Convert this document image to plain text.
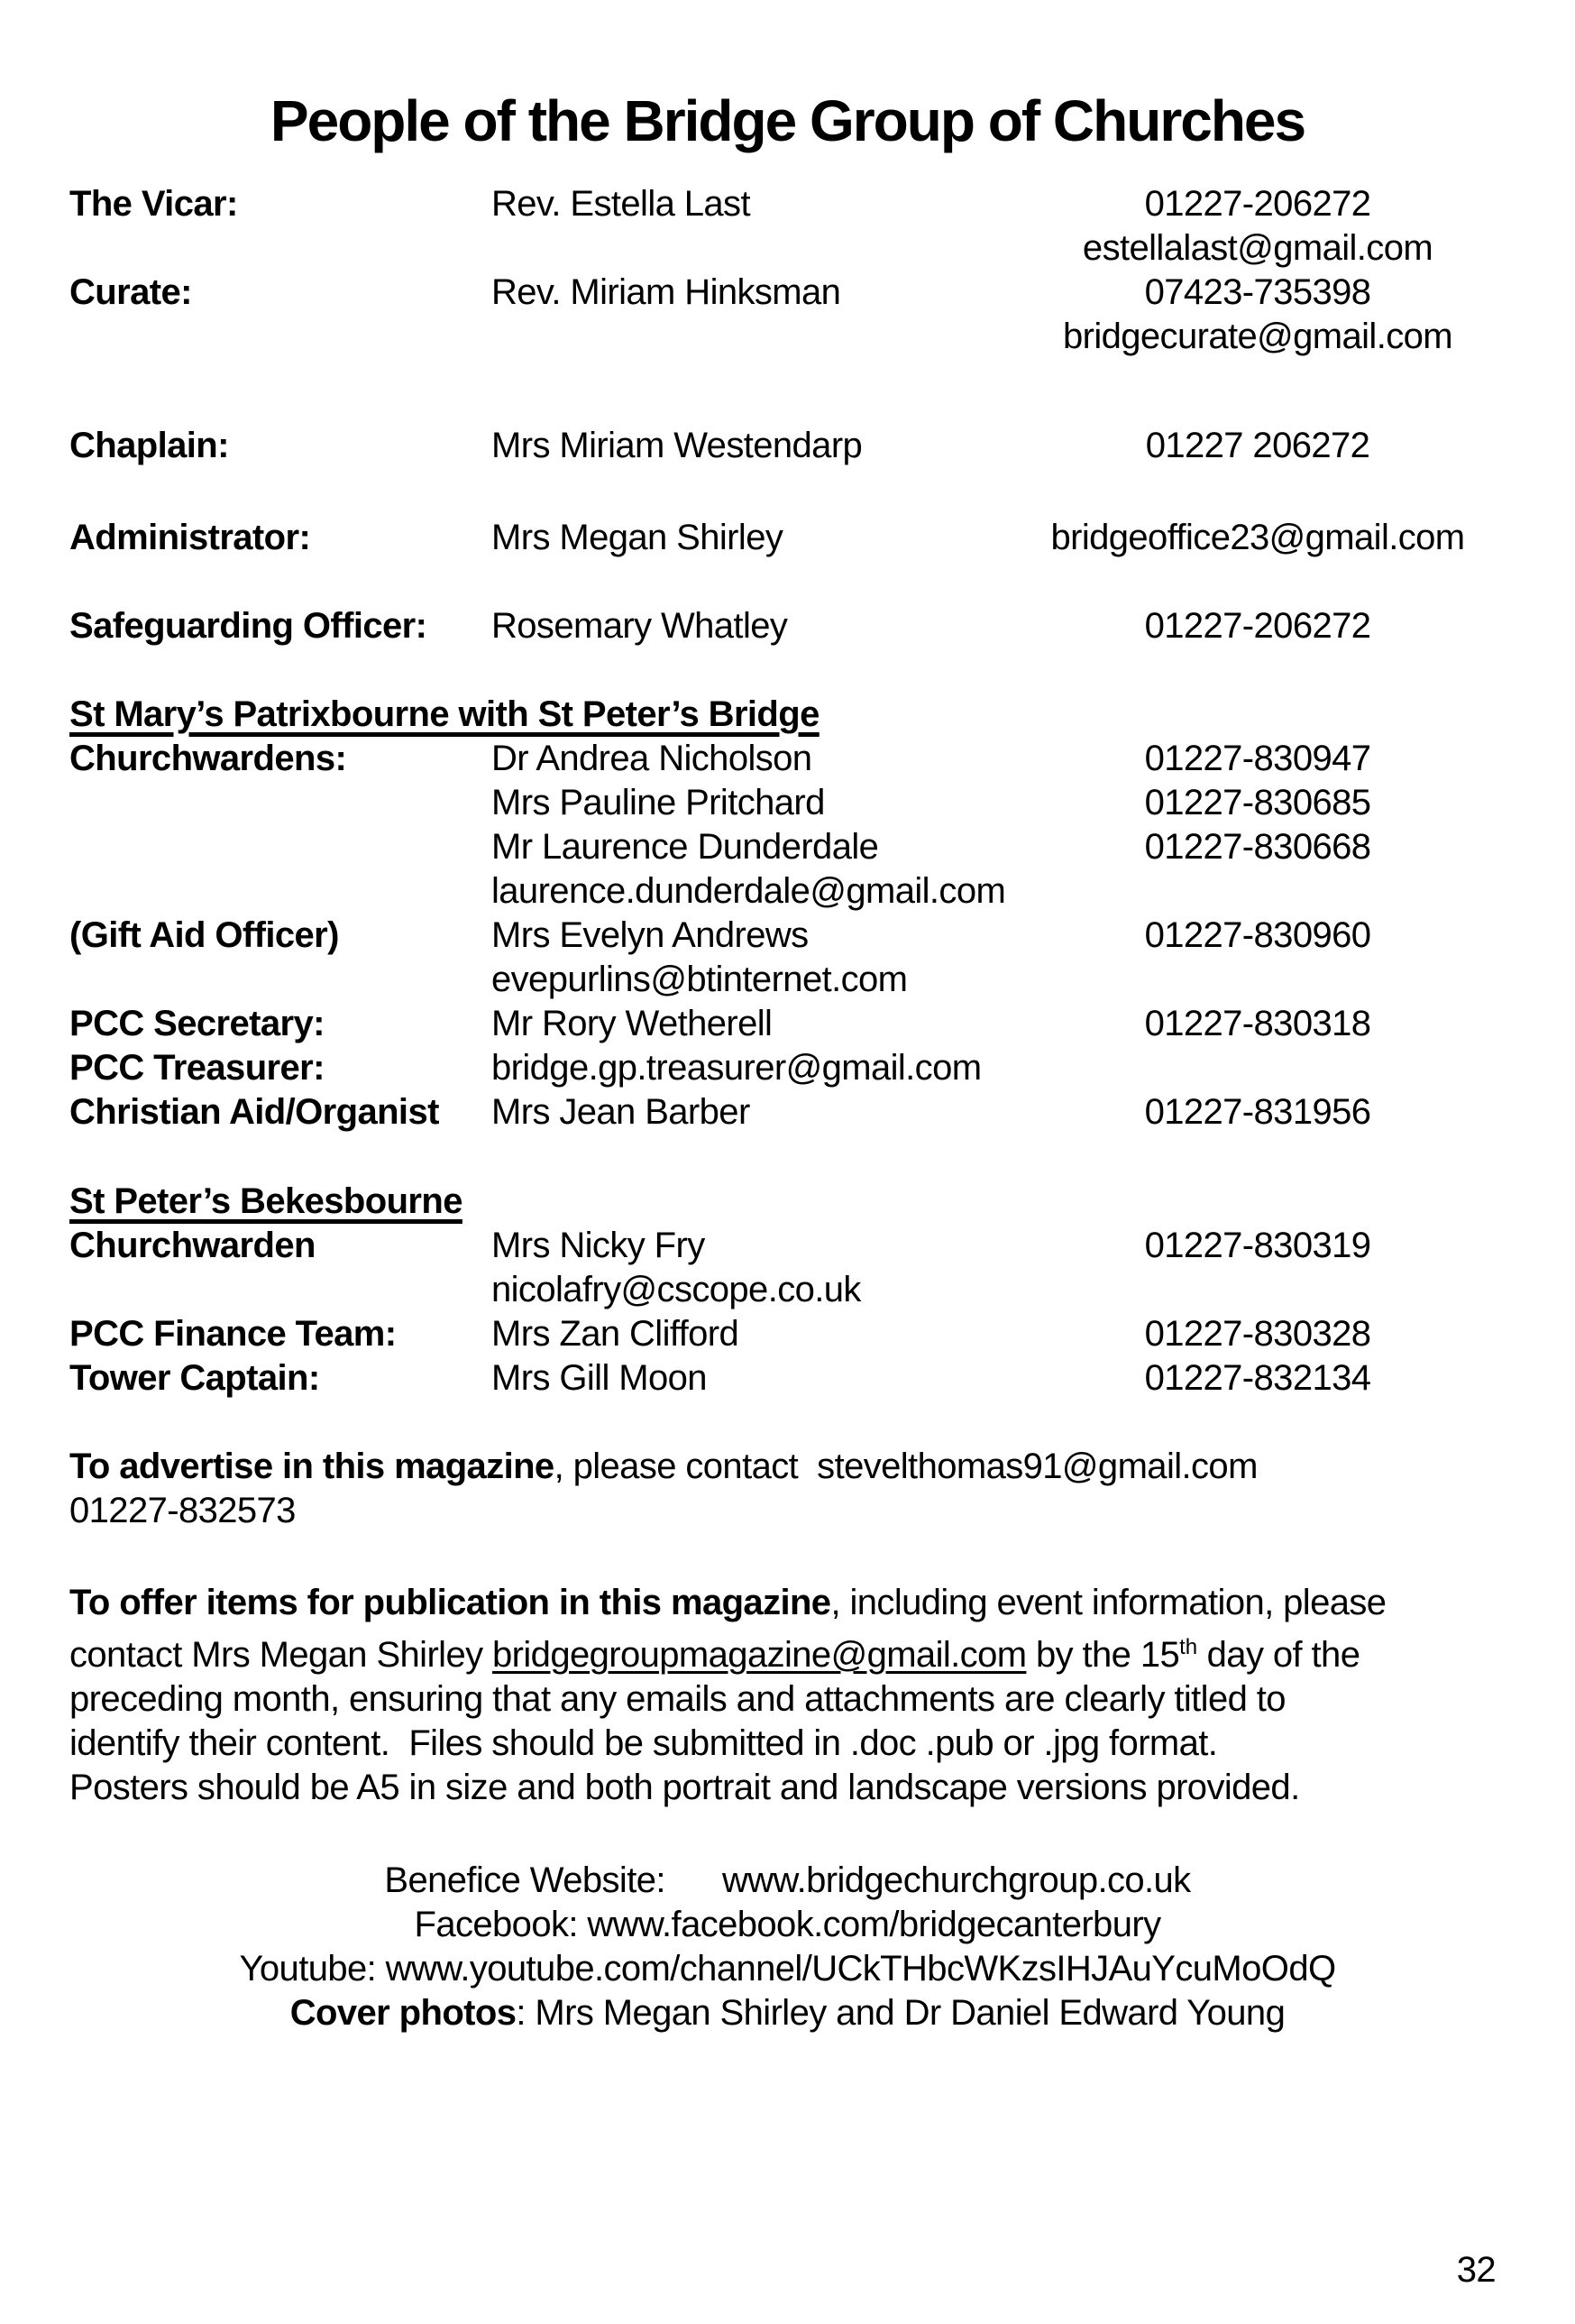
People of the Bridge Group of Churches
The Vicar:	Rev. Estella Last	01227-206272
estellalast@gmail.com
Curate:	Rev. Miriam Hinksman	07423-735398
bridgecurate@gmail.com
Chaplain:	Mrs Miriam Westendarp	01227 206272
Administrator:	Mrs Megan Shirley	bridgeoffice23@gmail.com
Safeguarding Officer:	Rosemary Whatley	01227-206272
St Mary’s Patrixbourne with St Peter’s Bridge
Churchwardens:	Dr Andrea Nicholson	01227-830947
Mrs Pauline Pritchard	01227-830685
Mr Laurence Dunderdale	01227-830668
laurence.dunderdale@gmail.com
(Gift Aid Officer)	Mrs Evelyn Andrews	01227-830960
evepurlins@btinternet.com
PCC Secretary:	Mr Rory Wetherell	01227-830318
PCC Treasurer:	bridge.gp.treasurer@gmail.com
Christian Aid/Organist	Mrs Jean Barber	01227-831956
St Peter’s Bekesbourne
Churchwarden	Mrs Nicky Fry	01227-830319
nicolafry@cscope.co.uk
PCC Finance Team:	Mrs Zan Clifford	01227-830328
Tower Captain:	Mrs Gill Moon	01227-832134
To advertise in this magazine, please contact  stevelthomas91@gmail.com
01227-832573
To offer items for publication in this magazine, including event information, please
contact Mrs Megan Shirley bridgegroupmagazine@gmail.com by the 15th day of the
preceding month, ensuring that any emails and attachments are clearly titled to
identify their content.  Files should be submitted in .doc .pub or .jpg format.
Posters should be A5 in size and both portrait and landscape versions provided.
Benefice Website:      www.bridgechurchgroup.co.uk
Facebook: www.facebook.com/bridgecanterbury
Youtube: www.youtube.com/channel/UCkTHbcWKzsIHJAuYcuMoOdQ
Cover photos: Mrs Megan Shirley and Dr Daniel Edward Young
32
